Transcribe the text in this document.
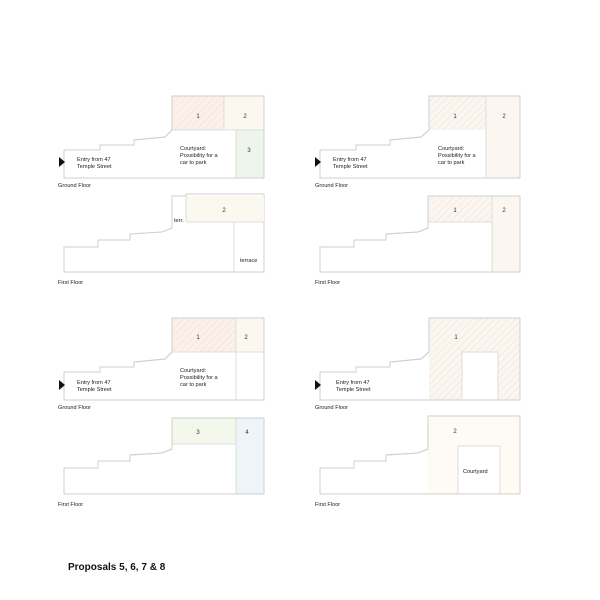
Entry from 47
Temple Street
Courtyard:
Possibility for a
car to park
1	2
3
Ground Floor
2
terr.
terrace
First Floor
Entry from 47
Temple Street
Courtyard:
Possibility for a
car to park
1	2
Ground Floor
1	2
First Floor
Entry from 47
Temple Street
Courtyard:
Possibility for a
car to park
1	2
Ground Floor
3	4
First Floor
Entry from 47
Temple Street
1
Ground Floor
2
Courtyard
First Floor
Proposals 5, 6, 7 & 8
